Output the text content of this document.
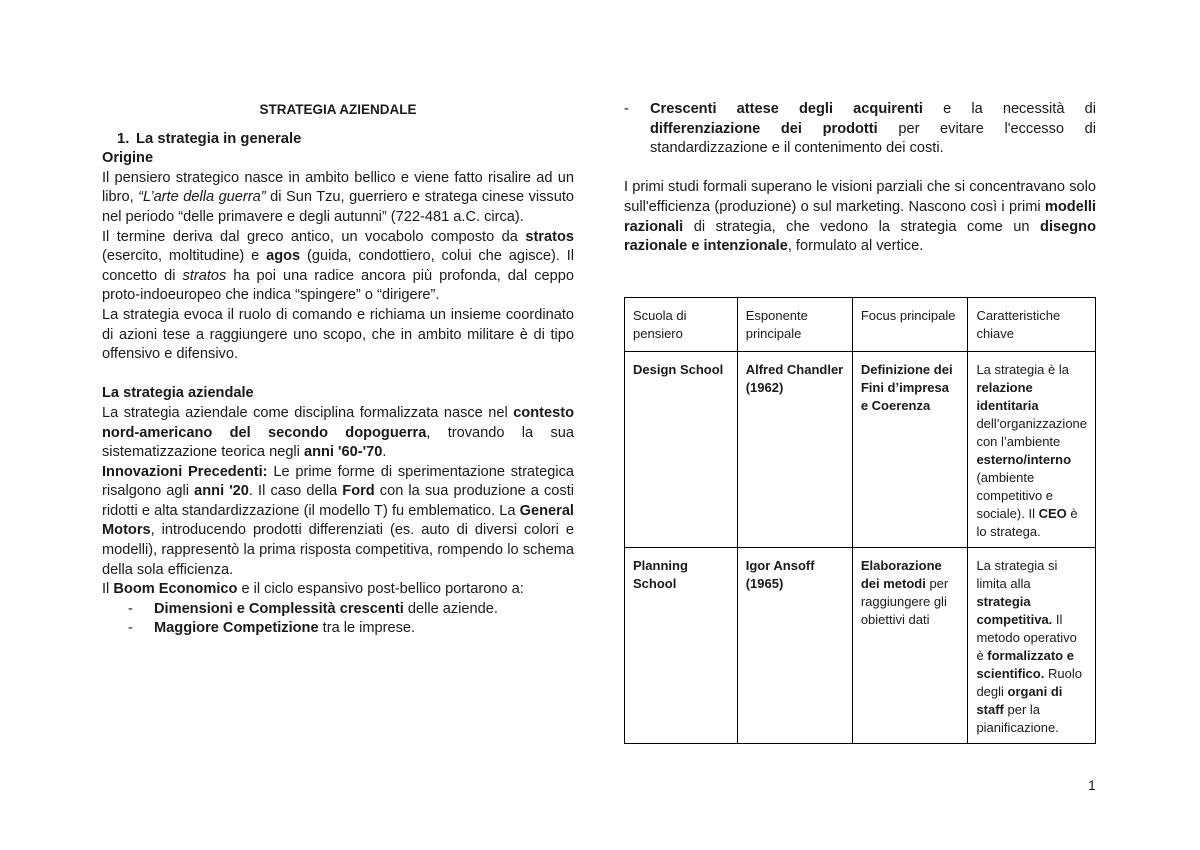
STRATEGIA AZIENDALE

1. La strategia in generale

Origine

Il pensiero strategico nasce in ambito bellico e viene fatto risalire ad un libro, “L’arte della guerra” di Sun Tzu, guerriero e stratega cinese vissuto nel periodo “delle primavere e degli autunni” (722-481 a.C. circa).

Il termine deriva dal greco antico, un vocabolo composto da stratos (esercito, moltitudine) e agos (guida, condottiero, colui che agisce). Il concetto di stratos ha poi una radice ancora più profonda, dal ceppo proto-indoeuropeo che indica “spingere” o “dirigere”.

La strategia evoca il ruolo di comando e richiama un insieme coordinato di azioni tese a raggiungere uno scopo, che in ambito militare è di tipo offensivo e difensivo.

La strategia aziendale

La strategia aziendale come disciplina formalizzata nasce nel contesto nord-americano del secondo dopoguerra, trovando la sua sistematizzazione teorica negli anni '60-'70.

Innovazioni Precedenti: Le prime forme di sperimentazione strategica risalgono agli anni '20. Il caso della Ford con la sua produzione a costi ridotti e alta standardizzazione (il modello T) fu emblematico. La General Motors, introducendo prodotti differenziati (es. auto di diversi colori e modelli), rappresentò la prima risposta competitiva, rompendo lo schema della sola efficienza.

Il Boom Economico e il ciclo espansivo post-bellico portarono a:

- Dimensioni e Complessità crescenti delle aziende.
- Maggiore Competizione tra le imprese.
- Crescenti attese degli acquirenti e la necessità di differenziazione dei prodotti per evitare l'eccesso di standardizzazione e il contenimento dei costi.

I primi studi formali superano le visioni parziali che si concentravano solo sull'efficienza (produzione) o sul marketing. Nascono così i primi modelli razionali di strategia, che vedono la strategia come un disegno razionale e intenzionale, formulato al vertice.

Scuola di pensiero	Esponente principale	Focus principale	Caratteristiche chiave
Design School	Alfred Chandler (1962)	Definizione dei Fini d’impresa e Coerenza	La strategia è la relazione identitaria dell’organizzazione con l’ambiente esterno/interno (ambiente competitivo e sociale). Il CEO è lo stratega.
Planning School	Igor Ansoff (1965)	Elaborazione dei metodi per raggiungere gli obiettivi dati	La strategia si limita alla strategia competitiva. Il metodo operativo è formalizzato e scientifico. Ruolo degli organi di staff per la pianificazione.
1
